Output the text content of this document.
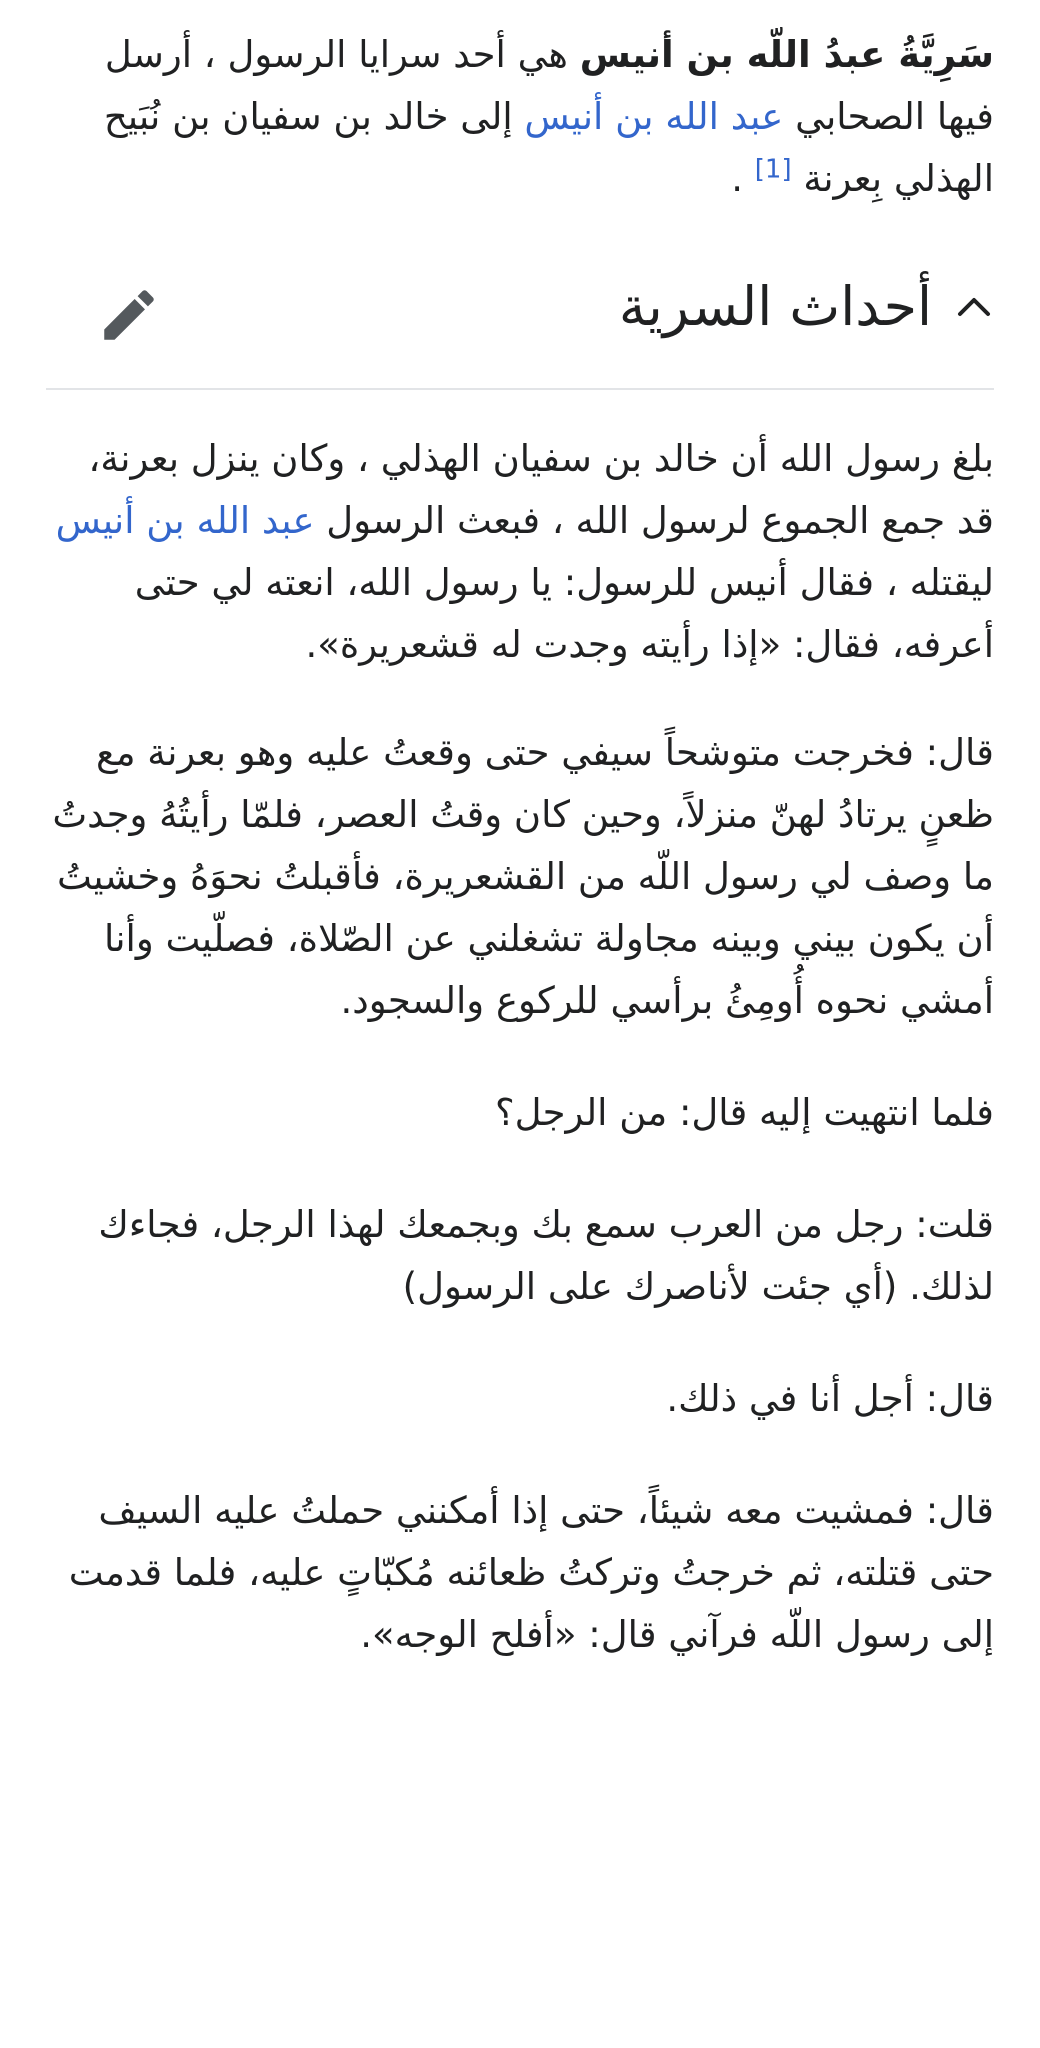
سَرِيَّةُ عبدُ اللّه بن أنيس هي أحد سرايا الرسول ، أرسل فيها الصحابي عبد الله بن أنيس إلى خالد بن سفيان بن نُبَيح الهذلي بِعرنة [1] .

أحداث السرية

بلغ رسول الله أن خالد بن سفيان الهذلي ، وكان ينزل بعرنة، قد جمع الجموع لرسول الله ، فبعث الرسول عبد الله بن أنيس ليقتله ، فقال أنيس للرسول: يا رسول الله، انعته لي حتى أعرفه، فقال: «إذا رأيته وجدت له قشعريرة».

قال: فخرجت متوشحاً سيفي حتى وقعتُ عليه وهو بعرنة مع ظعنٍ يرتادُ لهنّ منزلاً، وحين كان وقتُ العصر، فلمّا رأيتُهُ وجدتُ ما وصف لي رسول اللّه من القشعريرة، فأقبلتُ نحوَهُ وخشيتُ أن يكون بيني وبينه مجاولة تشغلني عن الصّلاة، فصلّيت وأنا أمشي نحوه أُومِئُ برأسي للركوع والسجود.

فلما انتهيت إليه قال: من الرجل؟

قلت: رجل من العرب سمع بك وبجمعك لهذا الرجل، فجاءك لذلك. (أي جئت لأناصرك على الرسول)

قال: أجل أنا في ذلك.

قال: فمشيت معه شيئاً، حتى إذا أمكنني حملتُ عليه السيف حتى قتلته، ثم خرجتُ وتركتُ ظعائنه مُكبّاتٍ عليه، فلما قدمت إلى رسول اللّه فرآني قال: «أفلح الوجه».
